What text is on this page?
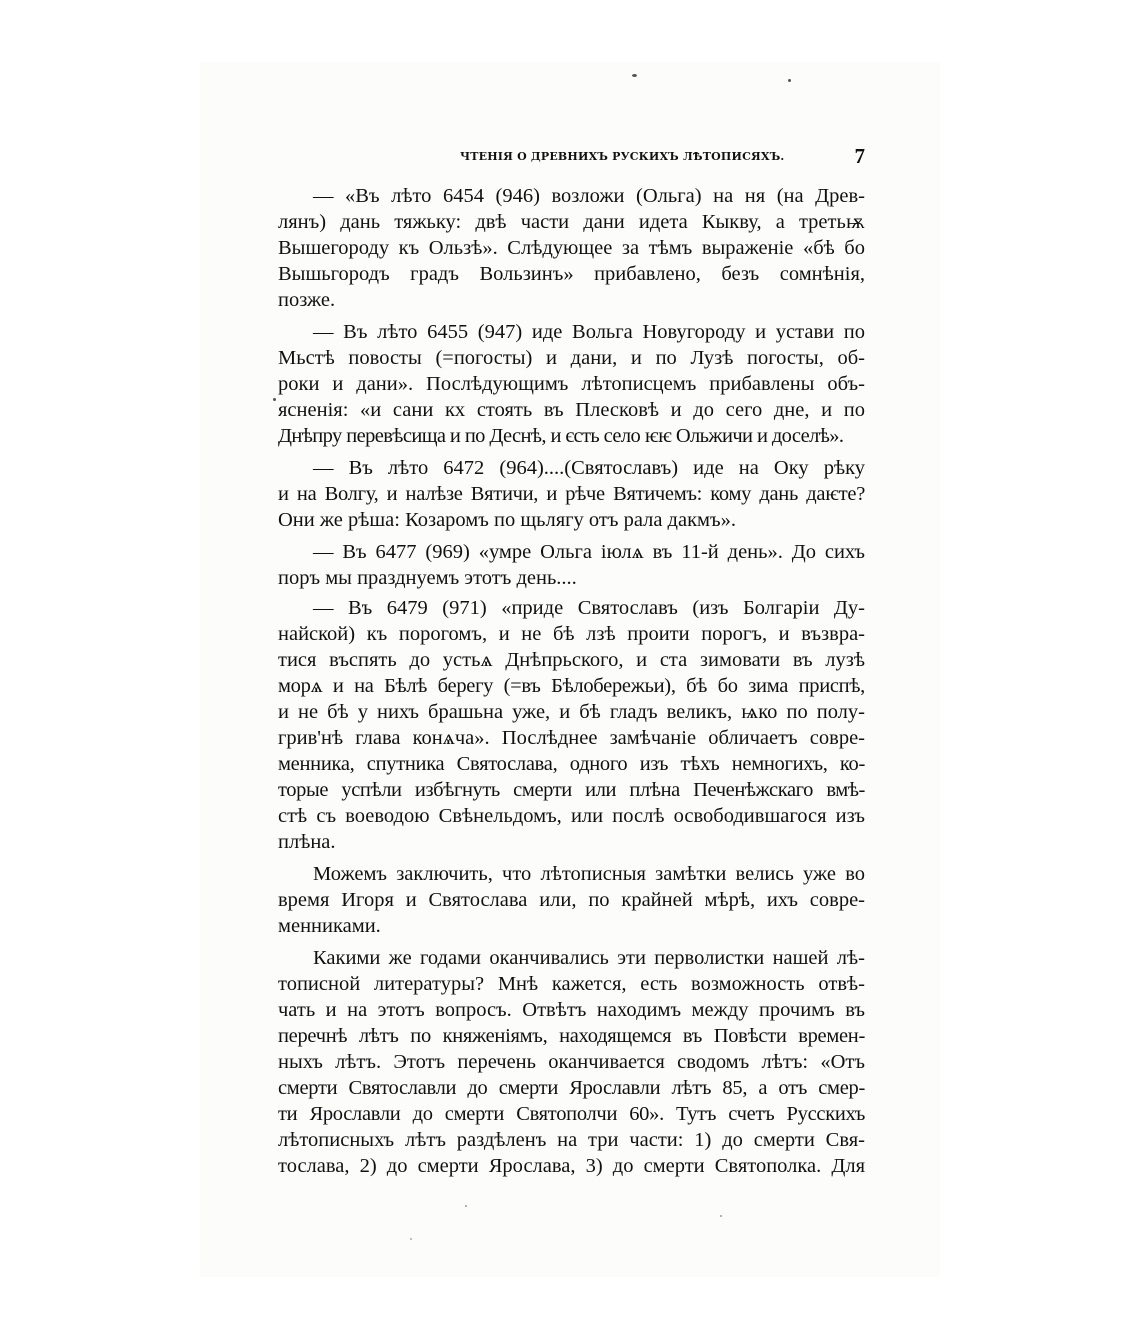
ЧТЕНІЯ О ДРЕВНИХЪ РУСКИХЪ ЛѢТОПИСЯХЪ.	7
— «Въ лѣто 6454 (946) возложи (Ольга) на ня (на Древ-
лянъ) дань тяжьку: двѣ части дани идета Кыкву, а третьѭ
Вышегороду къ Ользѣ». Слѣдующее за тѣмъ выраженіе «бѣ бо
Вышьгородъ градъ Вользинъ» прибавлено, безъ сомнѣнія,
позже.
— Въ лѣто 6455 (947) иде Вольга Новугороду и устави по
Мьстѣ повосты (=погосты) и дани, и по Лузѣ погосты, об-
роки и дани». Послѣдующимъ лѣтописцемъ прибавлены объ-
ясненія: «и сани кх стоять въ Плесковѣ и до сего дне, и по
Днѣпру перевѣсища и по Деснѣ, и єсть село ѥѥ Ольжичи и доселѣ».
— Въ лѣто 6472 (964)....(Святославъ) иде на Оку рѣку
и на Волгу, и налѣзе Вятичи, и рѣче Вятичемъ: кому дань даѥте?
Они же рѣша: Козаромъ по щьлягу отъ рала дакмъ».
— Въ 6477 (969) «умре Ольга іюлѧ въ 11-й день». До сихъ
поръ мы празднуемъ этотъ день....
— Въ 6479 (971) «приде Святославъ (изъ Болгаріи Ду-
найской) къ порогомъ, и не бѣ лзѣ проити порогъ, и възвра-
тися въспять до устьѧ Днѣпрьского, и ста зимовати въ лузѣ
морѧ и на Бѣлѣ берегу (=въ Бѣлобережьи), бѣ бо зима приспѣ,
и не бѣ у нихъ брашьна уже, и бѣ гладъ великъ, ѩко по полу-
грив'нѣ глава конѧча». Послѣднее замѣчаніе обличаетъ совре-
менника, спутника Святослава, одного изъ тѣхъ немногихъ, ко-
торые успѣли избѣгнуть смерти или плѣна Печенѣжскаго вмѣ-
стѣ съ воеводою Свѣнельдомъ, или послѣ освободившагося изъ
плѣна.
Можемъ заключить, что лѣтописныя замѣтки велись уже во
время Игоря и Святослава или, по крайней мѣрѣ, ихъ совре-
менниками.
Какими же годами оканчивались эти перволистки нашей лѣ-
тописной литературы? Мнѣ кажется, есть возможность отвѣ-
чать и на этотъ вопросъ. Отвѣтъ находимъ между прочимъ въ
перечнѣ лѣтъ по княженіямъ, находящемся въ Повѣсти времен-
ныхъ лѣтъ. Этотъ перечень оканчивается сводомъ лѣтъ: «Отъ
смерти Святославли до смерти Ярославли лѣтъ 85, а отъ смер-
ти Ярославли до смерти Святополчи 60». Тутъ счетъ Русскихъ
лѣтописныхъ лѣтъ раздѣленъ на три части: 1) до смерти Свя-
тослава, 2) до смерти Ярослава, 3) до смерти Святополка. Для
